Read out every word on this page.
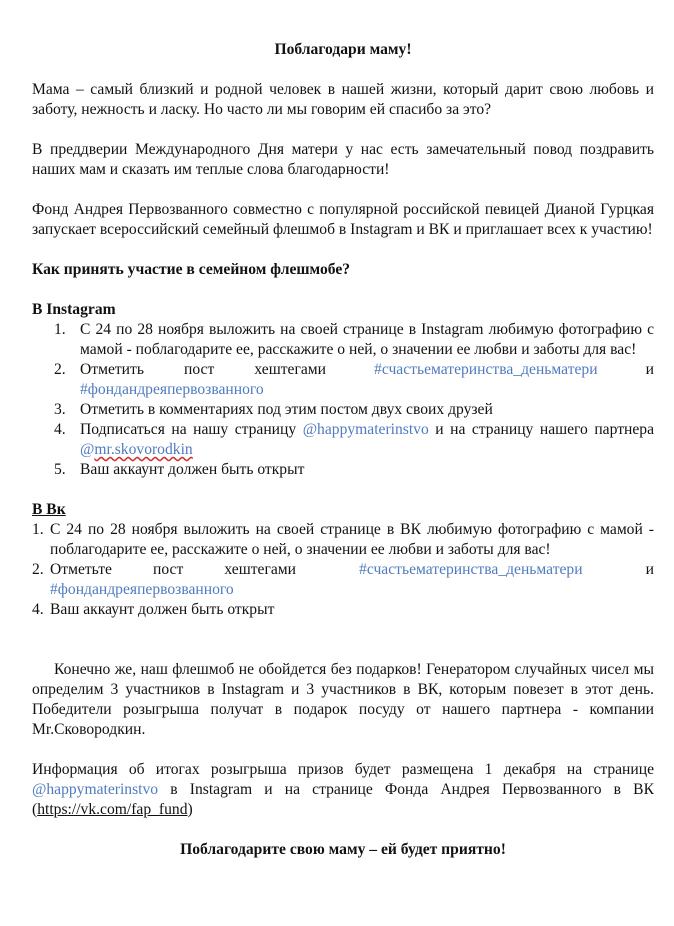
Поблагодари маму!

Мама – самый близкий и родной человек в нашей жизни, который дарит свою любовь и заботу, нежность и ласку. Но часто ли мы говорим ей спасибо за это?

В преддверии Международного Дня матери у нас есть замечательный повод поздравить наших мам и сказать им теплые слова благодарности!

Фонд Андрея Первозванного совместно с популярной российской певицей Дианой Гурцкая запускает всероссийский семейный флешмоб в Instagram и ВК и приглашает всех к участию!

Как принять участие в семейном флешмобе?

В Instagram

1. С 24 по 28 ноября выложить на своей странице в Instagram любимую фотографию с мамой - поблагодарите ее, расскажите о ней, о значении ее любви и заботы для вас!
2. Отметить	пост	хештегами	#счастьематеринства_деньматери	и
#фондандреяпервозванного
3. Отметить в комментариях под этим постом двух своих друзей
4. Подписаться на нашу страницу @happymaterinstvo и на страницу нашего партнера @mr.skovorodkin
5. Ваш аккаунт должен быть открыт

В Вк

1. С 24 по 28 ноября выложить на своей странице в ВК любимую фотографию с мамой - поблагодарите ее, расскажите о ней, о значении ее любви и заботы для вас!
2. Отметьте	пост	хештегами	#счастьематеринства_деньматери	и
#фондандреяпервозванного
4. Ваш аккаунт должен быть открыт

Конечно же, наш флешмоб не обойдется без подарков! Генератором случайных чисел мы определим 3 участников в Instagram и 3 участников в ВК, которым повезет в этот день. Победители розыгрыша получат в подарок посуду от нашего партнера - компании Mr.Сковородкин.

Информация об итогах розыгрыша призов будет размещена 1 декабря на странице @happymaterinstvo в Instagram и на странице Фонда Андрея Первозванного в ВК (https://vk.com/fap_fund)

Поблагодарите свою маму – ей будет приятно!
